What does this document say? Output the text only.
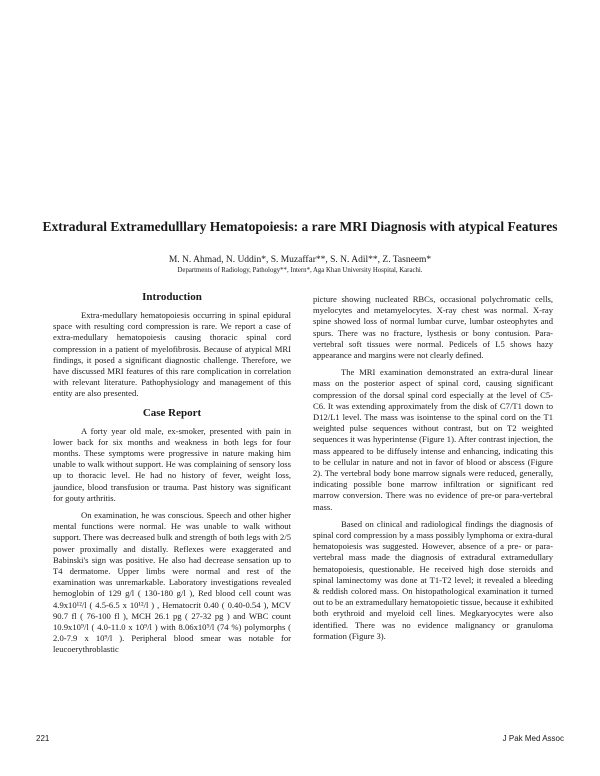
Extradural Extramedulllary Hematopoiesis: a rare MRI Diagnosis with atypical Features
M. N. Ahmad, N. Uddin*, S. Muzaffar**, S. N. Adil**, Z. Tasneem*
Departments of Radiology, Pathology**, Intern*, Aga Khan University Hospital, Karachi.
Introduction

Extra-medullary hematopoiesis occurring in spinal epidural space with resulting cord compression is rare. We report a case of extra-medullary hematopoiesis causing thoracic spinal cord compression in a patient of myelofibrosis. Because of atypical MRI findings, it posed a significant diagnostic challenge. Therefore, we have discussed MRI features of this rare complication in correlation with relevant literature. Pathophysiology and management of this entity are also presented.

Case Report

A forty year old male, ex-smoker, presented with pain in lower back for six months and weakness in both legs for four months. These symptoms were progressive in nature making him unable to walk without support. He was complaining of sensory loss up to thoracic level. He had no history of fever, weight loss, jaundice, blood transfusion or trauma. Past history was significant for gouty arthritis.

On examination, he was conscious. Speech and other higher mental functions were normal. He was unable to walk without support. There was decreased bulk and strength of both legs with 2/5 power proximally and distally. Reflexes were exaggerated and Babinski's sign was positive. He also had decrease sensation up to T4 dermatome. Upper limbs were normal and rest of the examination was unremarkable. Laboratory investigations revealed hemoglobin of 129 g/l ( 130-180 g/l ), Red blood cell count was 4.9x10¹²/l ( 4.5-6.5 x 10¹²/l ) , Hematocrit 0.40 ( 0.40-0.54 ), MCV 90.7 fl ( 76-100 fl ), MCH 26.1 pg ( 27-32 pg ) and WBC count 10.9x10⁹/l ( 4.0-11.0 x 10⁹/l ) with 8.06x10⁹/l (74 %) polymorphs ( 2.0-7.9 x 10⁹/l ). Peripheral blood smear was notable for leucoerythroblastic

picture showing nucleated RBCs, occasional polychromatic cells, myelocytes and metamyelocytes. X-ray chest was normal. X-ray spine showed loss of normal lumbar curve, lumbar osteophytes and spurs. There was no fracture, lysthesis or bony contusion. Para-vertebral soft tissues were normal. Pedicels of L5 shows hazy appearance and margins were not clearly defined.

The MRI examination demonstrated an extra-dural linear mass on the posterior aspect of spinal cord, causing significant compression of the dorsal spinal cord especially at the level of C5-C6. It was extending approximately from the disk of C7/T1 down to D12/L1 level. The mass was isointense to the spinal cord on the T1 weighted pulse sequences without contrast, but on T2 weighted sequences it was hyperintense (Figure 1). After contrast injection, the mass appeared to be diffusely intense and enhancing, indicating this to be cellular in nature and not in favor of blood or abscess (Figure 2). The vertebral body bone marrow signals were reduced, generally, indicating possible bone marrow infiltration or significant red marrow conversion. There was no evidence of pre-or para-vertebral mass.

Based on clinical and radiological findings the diagnosis of spinal cord compression by a mass possibly lymphoma or extra-dural hematopoiesis was suggested. However, absence of a pre- or para- vertebral mass made the diagnosis of extradural extramedullary hematopoiesis, questionable. He received high dose steroids and spinal laminectomy was done at T1-T2 level; it revealed a bleeding & reddish colored mass. On histopathological examination it turned out to be an extramedullary hematopoietic tissue, because it exhibited both erythroid and myeloid cell lines. Megkaryocytes were also identified. There was no evidence malignancy or granuloma formation (Figure 3).

221	J Pak Med Assoc
